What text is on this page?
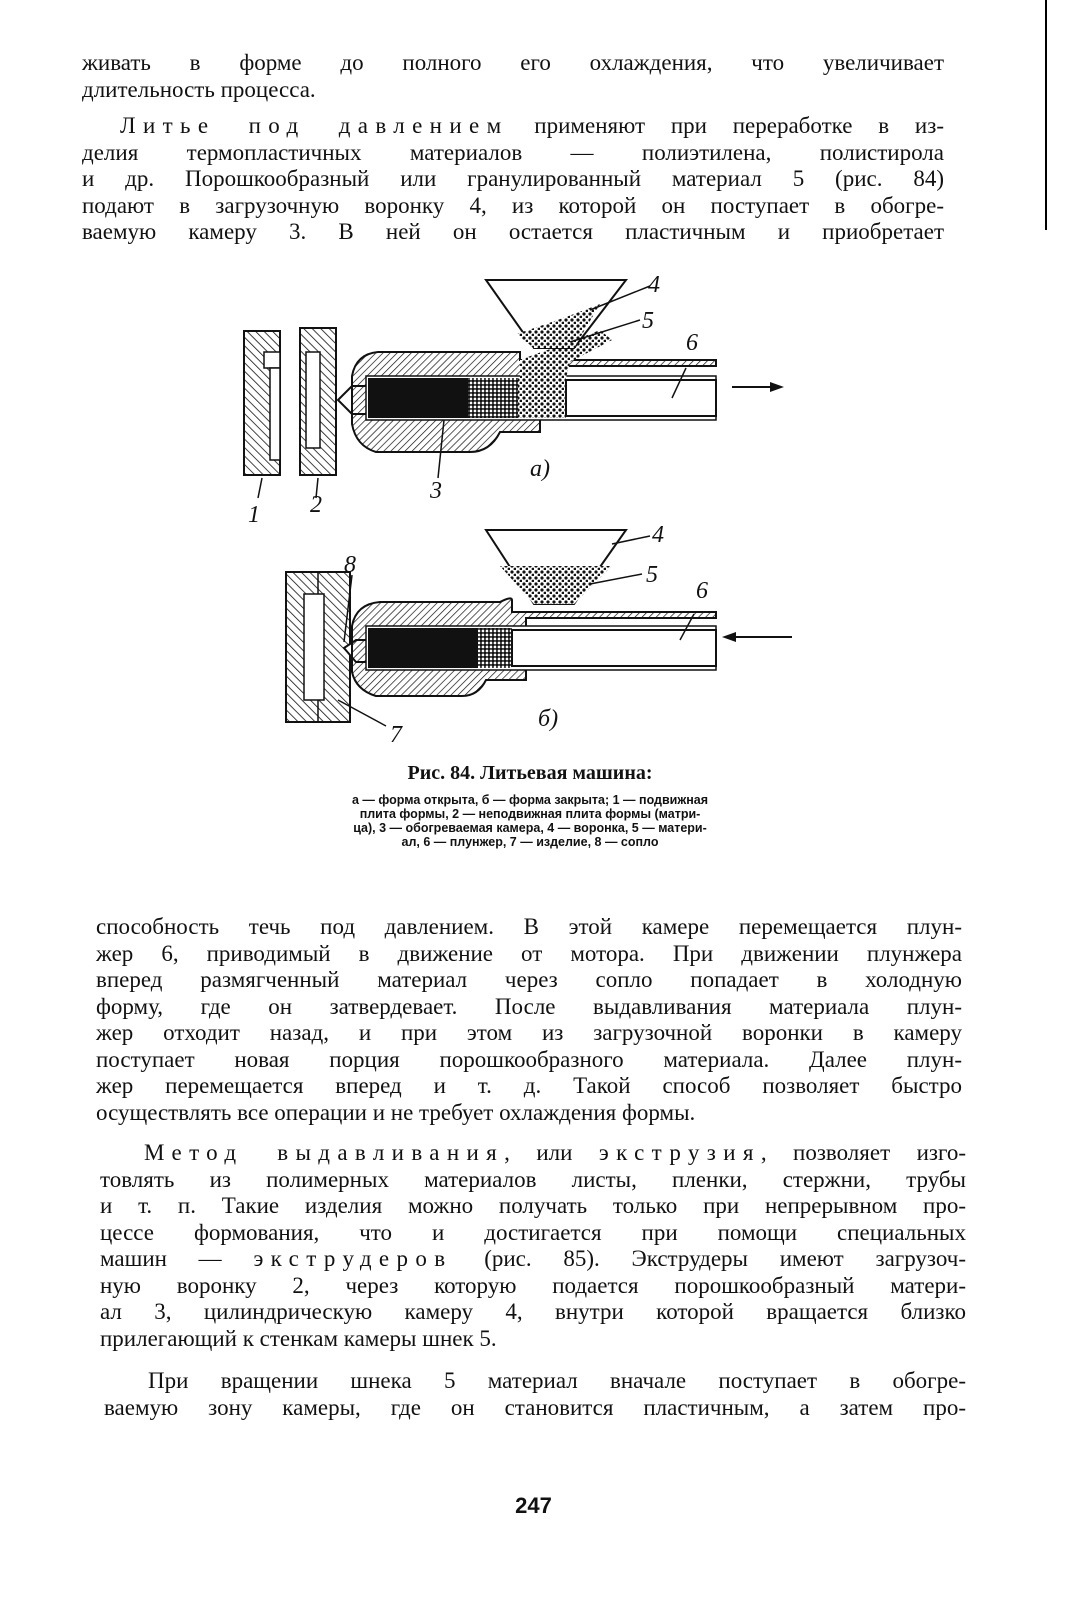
живать в форме до полного его охлаждения, что увеличивает
длительность процесса.
Литье под давлением применяют при переработке в из-
делия термопластичных материалов — полиэтилена, полистирола
и др. Порошкообразный или гранулированный материал 5 (рис. 84)
подают в загрузочную воронку 4, из которой он поступает в обогре-
ваемую камеру 3. В ней он остается пластичным и приобретает
1 2
3
4
5
6
а)
4
5
6
7
8
б)
Рис. 84. Литьевая машина:
а — форма открыта, б — форма закрыта; 1 — подвижная
плита формы, 2 — неподвижная плита формы (матри-
ца), 3 — обогреваемая камера, 4 — воронка, 5 — матери-
ал, 6 — плунжер, 7 — изделие, 8 — сопло
способность течь под давлением. В этой камере перемещается плун-
жер 6, приводимый в движение от мотора. При движении плунжера
вперед размягченный материал через сопло попадает в холодную
форму, где он затвердевает. После выдавливания материала плун-
жер отходит назад, и при этом из загрузочной воронки в камеру
поступает новая порция порошкообразного материала. Далее плун-
жер перемещается вперед и т. д. Такой способ позволяет быстро
осуществлять все операции и не требует охлаждения формы.
Метод выдавливания, или экструзия, позволяет изго-
товлять из полимерных материалов листы, пленки, стержни, трубы
и т. п. Такие изделия можно получать только при непрерывном про-
цессе формования, что и достигается при помощи специальных
машин — экструдеров (рис. 85). Экструдеры имеют загрузоч-
ную воронку 2, через которую подается порошкообразный матери-
ал 3, цилиндрическую камеру 4, внутри которой вращается близко
прилегающий к стенкам камеры шнек 5.
При вращении шнека 5 материал вначале поступает в обогре-
ваемую зону камеры, где он становится пластичным, а затем про-
247
